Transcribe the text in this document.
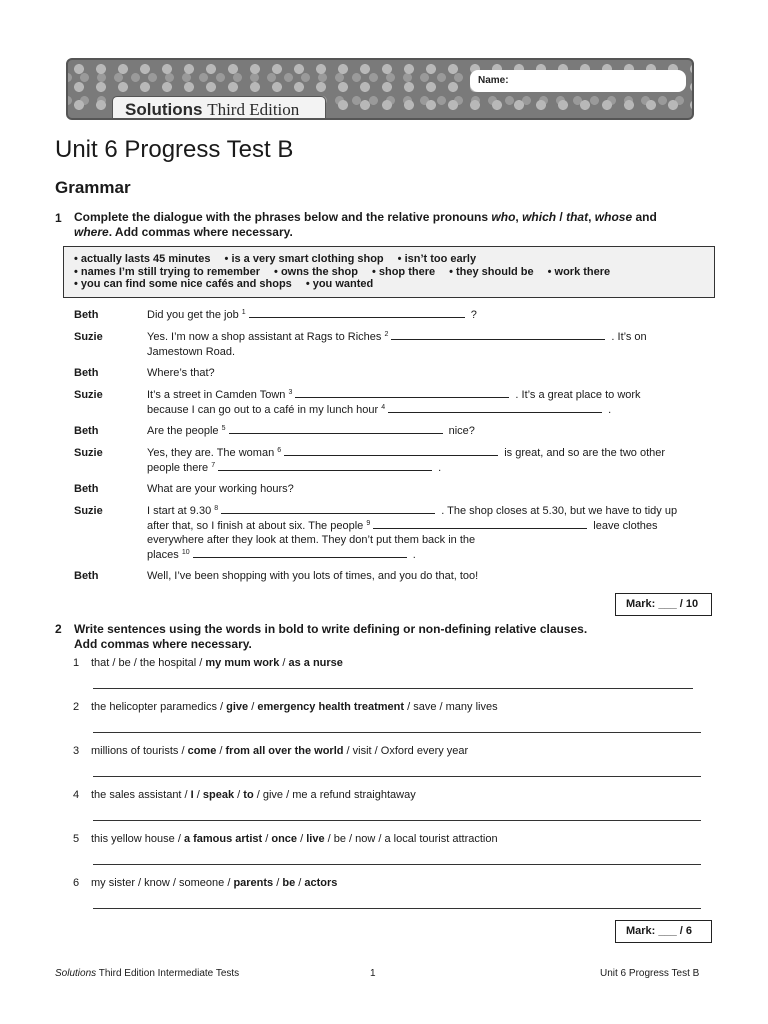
Name:
Solutions Third Edition
Unit 6 Progress Test B
Grammar
1 Complete the dialogue with the phrases below and the relative pronouns who, which / that, whose and
where. Add commas where necessary.
• actually lasts 45 minutes • is a very smart clothing shop • isn’t too early
• names I’m still trying to remember • owns the shop • shop there • they should be • work there
• you can find some nice cafés and shops • you wanted
Beth	Did you get the job $^1$	?
Suzie	Yes. I’m now a shop assistant at Rags to Riches $^2$	. It’s on
Jamestown Road.
Beth	Where’s that?
Suzie	It’s a street in Camden Town $^3$	. It’s a great place to work
because I can go out to a café in my lunch hour $^4$	.
Beth	Are the people $^5$	nice?
Suzie	Yes, they are. The woman $^6$	is great, and so are the two other
people there $^7$	.
Beth	What are your working hours?
Suzie	I start at 9.30 $^8$	. The shop closes at 5.30, but we have to tidy up
after that, so I finish at about six. The people $^9$	leave clothes
everywhere after they look at them. They don’t put them back in the
places $^{10}$	.
Beth	Well, I’ve been shopping with you lots of times, and you do that, too!
Mark: ___ / 10
2 Write sentences using the words in bold to write defining or non-defining relative clauses.
Add commas where necessary.
1 that / be / the hospital / my mum work / as a nurse
2 the helicopter paramedics / give / emergency health treatment / save / many lives
3 millions of tourists / come / from all over the world / visit / Oxford every year
4 the sales assistant / I / speak / to / give / me a refund straightaway
5 this yellow house / a famous artist / once / live / be / now / a local tourist attraction
6 my sister / know / someone / parents / be / actors
Mark: ___ / 6
Solutions Third Edition Intermediate Tests	1	Unit 6 Progress Test B
